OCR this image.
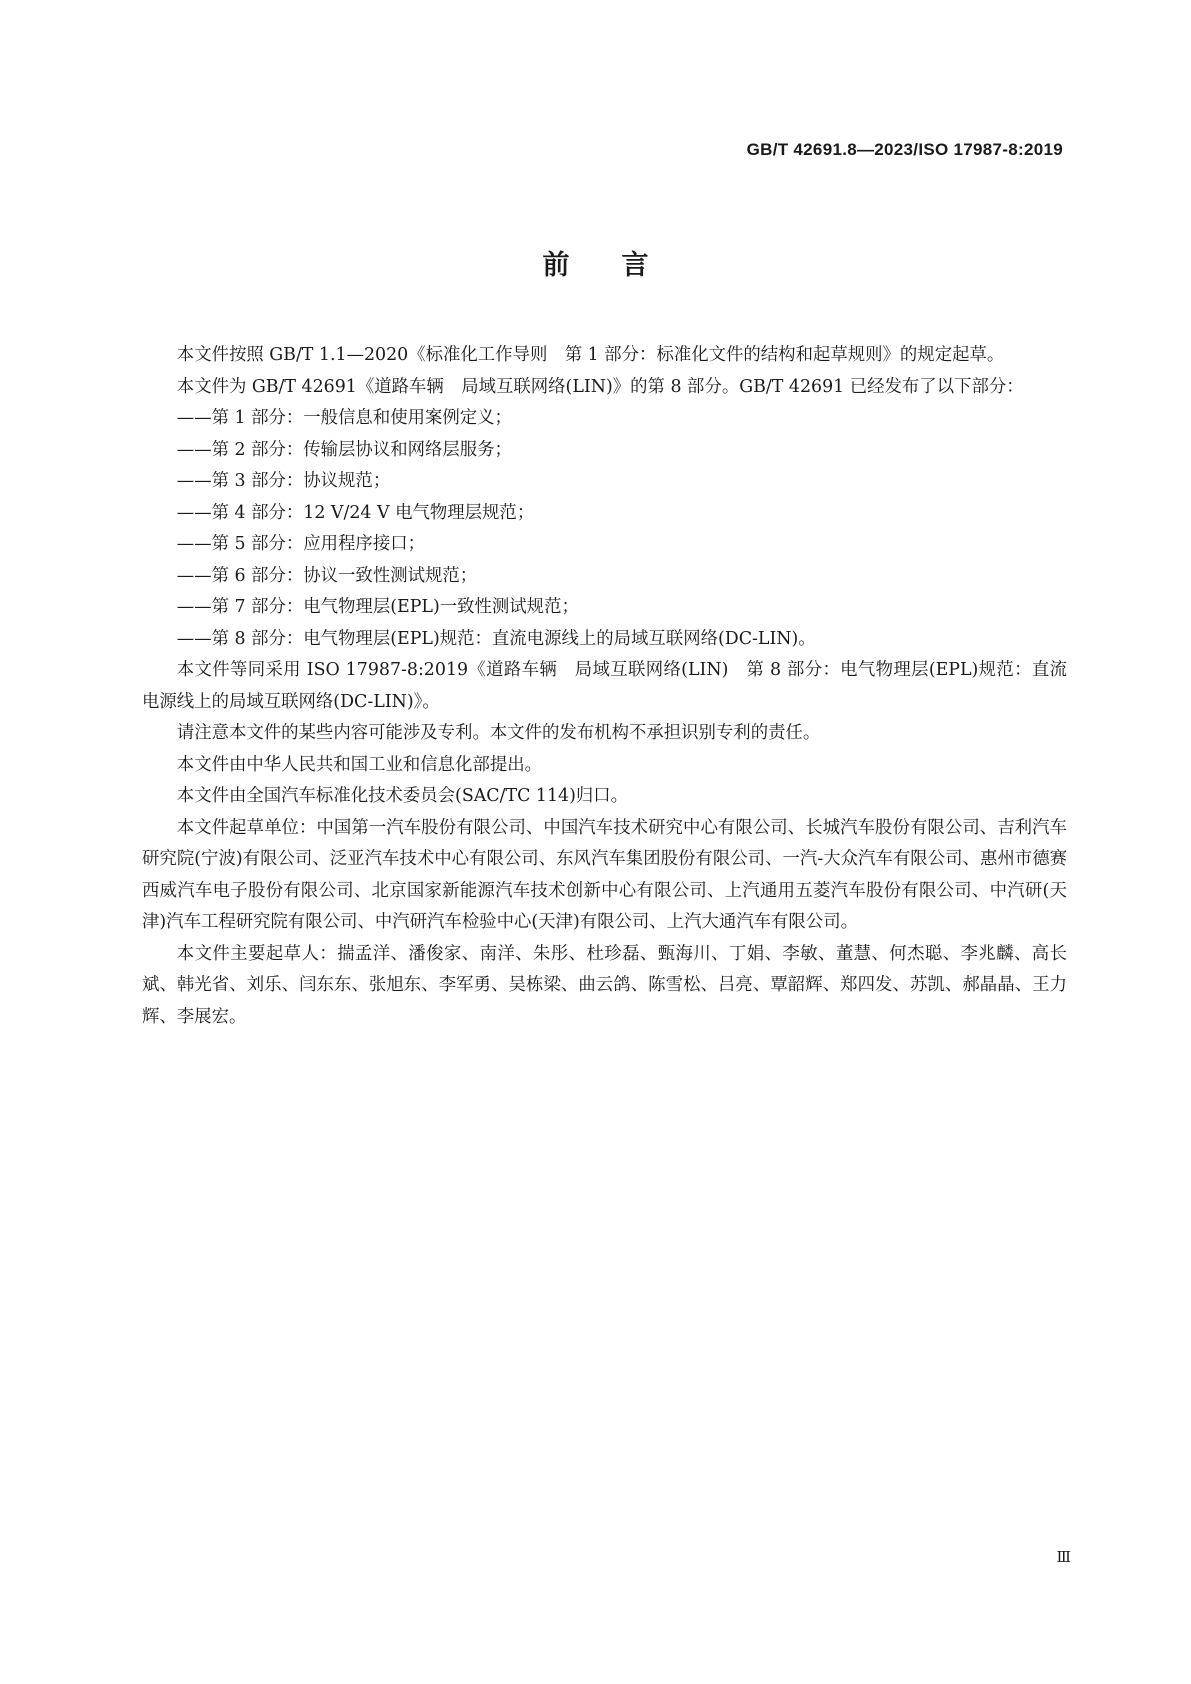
GB/T 42691.8—2023/ISO 17987-8:2019
前言

本文件按照 GB/T 1.1—2020《标准化工作导则　第 1 部分：标准化文件的结构和起草规则》的规定起草。

本文件为 GB/T 42691《道路车辆　局域互联网络(LIN)》的第 8 部分。GB/T 42691 已经发布了以下部分：

——第 1 部分：一般信息和使用案例定义；

——第 2 部分：传输层协议和网络层服务；

——第 3 部分：协议规范；

——第 4 部分：12 V/24 V 电气物理层规范；

——第 5 部分：应用程序接口；

——第 6 部分：协议一致性测试规范；

——第 7 部分：电气物理层(EPL)一致性测试规范；

——第 8 部分：电气物理层(EPL)规范：直流电源线上的局域互联网络(DC-LIN)。

本文件等同采用 ISO 17987-8:2019《道路车辆　局域互联网络(LIN)　第 8 部分：电气物理层(EPL)规范：直流电源线上的局域互联网络(DC-LIN)》。

请注意本文件的某些内容可能涉及专利。本文件的发布机构不承担识别专利的责任。

本文件由中华人民共和国工业和信息化部提出。

本文件由全国汽车标准化技术委员会(SAC/TC 114)归口。

本文件起草单位：中国第一汽车股份有限公司、中国汽车技术研究中心有限公司、长城汽车股份有限公司、吉利汽车研究院(宁波)有限公司、泛亚汽车技术中心有限公司、东风汽车集团股份有限公司、一汽-大众汽车有限公司、惠州市德赛西威汽车电子股份有限公司、北京国家新能源汽车技术创新中心有限公司、上汽通用五菱汽车股份有限公司、中汽研(天津)汽车工程研究院有限公司、中汽研汽车检验中心(天津)有限公司、上汽大通汽车有限公司。

本文件主要起草人：揣孟洋、潘俊家、南洋、朱彤、杜珍磊、甄海川、丁娟、李敏、董慧、何杰聪、李兆麟、高长斌、韩光省、刘乐、闫东东、张旭东、李军勇、吴栋梁、曲云鸽、陈雪松、吕亮、覃韶辉、郑四发、苏凯、郝晶晶、王力辉、李展宏。

Ⅲ
